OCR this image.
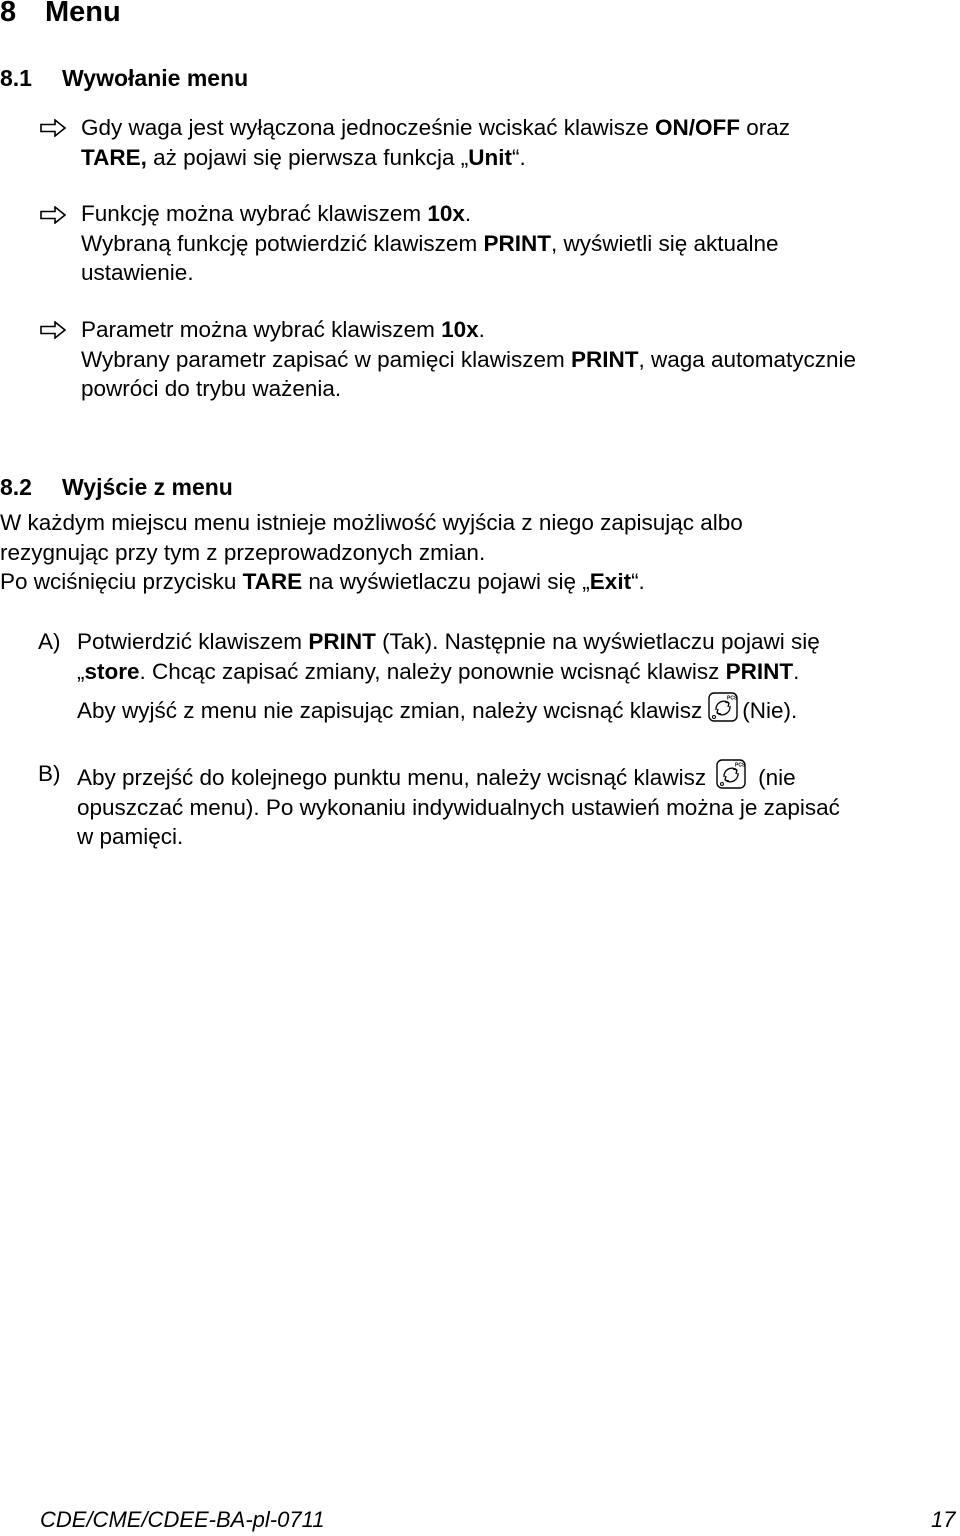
8 Menu
8.1 Wywołanie menu
Gdy waga jest wyłączona jednocześnie wciskać klawisze ON/OFF oraz
TARE, aż pojawi się pierwsza funkcja „Unit“.
Funkcję można wybrać klawiszem 10x.
Wybraną funkcję potwierdzić klawiszem PRINT, wyświetli się aktualne
ustawienie.
Parametr można wybrać klawiszem 10x.
Wybrany parametr zapisać w pamięci klawiszem PRINT, waga automatycznie
powróci do trybu ważenia.
8.2 Wyjście z menu
W każdym miejscu menu istnieje możliwość wyjścia z niego zapisując albo
rezygnując przy tym z przeprowadzonych zmian.
Po wciśnięciu przycisku TARE na wyświetlaczu pojawi się „Exit“.
A) Potwierdzić klawiszem PRINT (Tak). Następnie na wyświetlaczu pojawi się
„store. Chcąc zapisać zmiany, należy ponownie wcisnąć klawisz PRINT.
Aby wyjść z menu nie zapisując zmian, należy wcisnąć klawisz	PCS (Nie).
B) Aby przejść do kolejnego punktu menu, należy wcisnąć klawisz	PCS (nie
opuszczać menu). Po wykonaniu indywidualnych ustawień można je zapisać
w pamięci.
CDE/CME/CDEE-BA-pl-0711	17
